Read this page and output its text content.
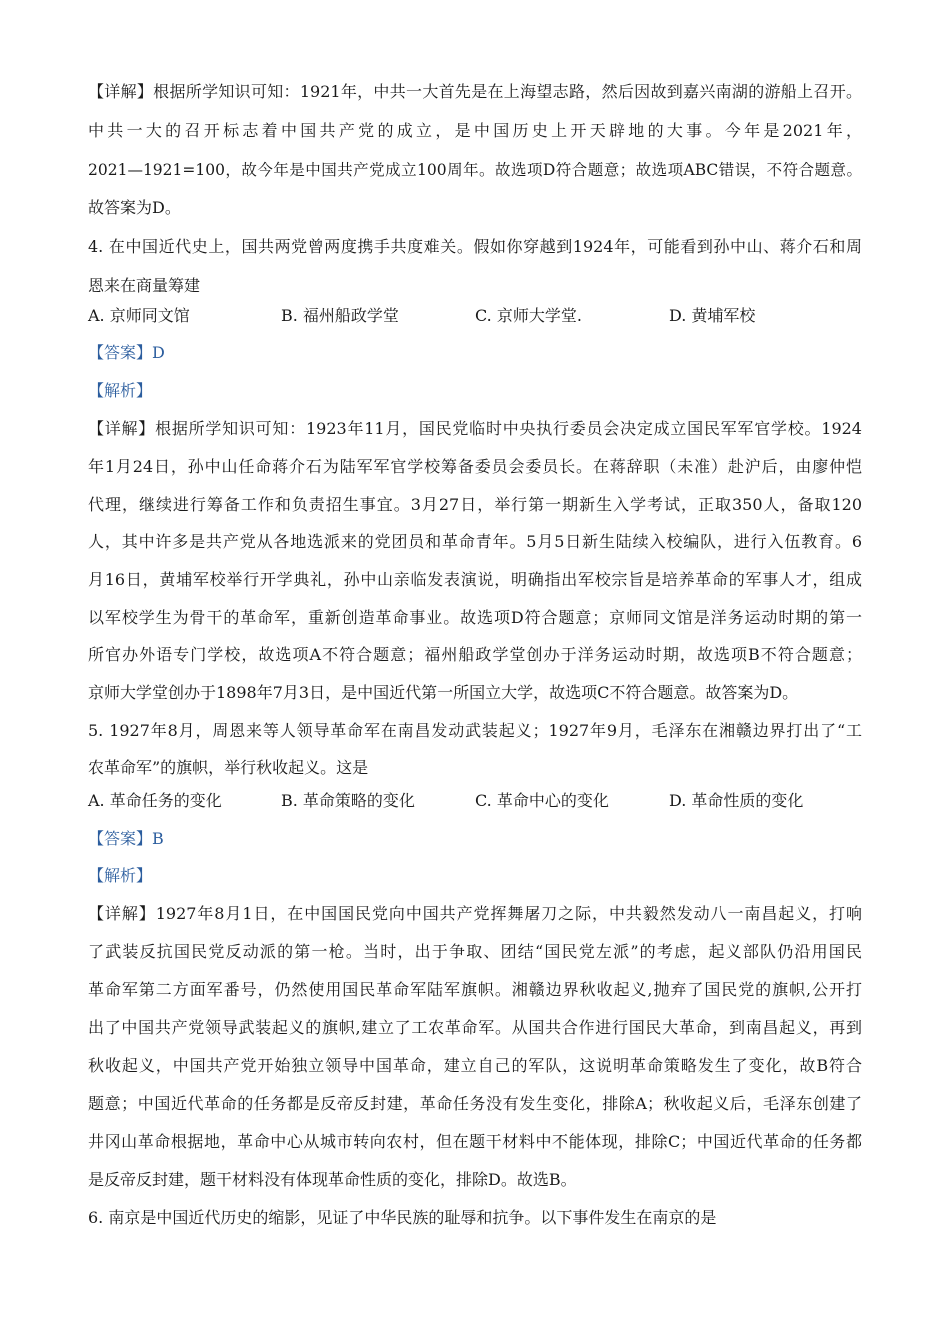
【详解】根据所学知识可知：1921年，中共一大首先是在上海望志路，然后因故到嘉兴南湖的游船上召开。

中共一大的召开标志着中国共产党的成立，是中国历史上开天辟地的大事。今年是2021年，

2021—1921=100，故今年是中国共产党成立100周年。故选项D符合题意；故选项ABC错误，不符合题意。

故答案为D。

4. 在中国近代史上，国共两党曾两度携手共度难关。假如你穿越到1924年，可能看到孙中山、蒋介石和周

恩来在商量筹建

A. 京师同文馆	B. 福州船政学堂	C. 京师大学堂.	D. 黄埔军校

【答案】D

【解析】

【详解】根据所学知识可知：1923年11月，国民党临时中央执行委员会决定成立国民军军官学校。1924

年1月24日，孙中山任命蒋介石为陆军军官学校筹备委员会委员长。在蒋辞职（未准）赴沪后，由廖仲恺

代理，继续进行筹备工作和负责招生事宜。3月27日，举行第一期新生入学考试，正取350人，备取120

人，其中许多是共产党从各地选派来的党团员和革命青年。5月5日新生陆续入校编队，进行入伍教育。6

月16日，黄埔军校举行开学典礼，孙中山亲临发表演说，明确指出军校宗旨是培养革命的军事人才，组成

以军校学生为骨干的革命军，重新创造革命事业。故选项D符合题意；京师同文馆是洋务运动时期的第一

所官办外语专门学校，故选项A不符合题意；福州船政学堂创办于洋务运动时期，故选项B不符合题意；

京师大学堂创办于1898年7月3日，是中国近代第一所国立大学，故选项C不符合题意。故答案为D。

5. 1927年8月，周恩来等人领导革命军在南昌发动武装起义；1927年9月，毛泽东在湘赣边界打出了“工

农革命军”的旗帜，举行秋收起义。这是

A. 革命任务的变化	B. 革命策略的变化	C. 革命中心的变化	D. 革命性质的变化

【答案】B

【解析】

【详解】1927年8月1日，在中国国民党向中国共产党挥舞屠刀之际，中共毅然发动八一南昌起义，打响

了武装反抗国民党反动派的第一枪。当时，出于争取、团结“国民党左派”的考虑，起义部队仍沿用国民

革命军第二方面军番号，仍然使用国民革命军陆军旗帜。湘赣边界秋收起义,抛弃了国民党的旗帜,公开打

出了中国共产党领导武装起义的旗帜,建立了工农革命军。从国共合作进行国民大革命，到南昌起义，再到

秋收起义，中国共产党开始独立领导中国革命，建立自己的军队，这说明革命策略发生了变化，故B符合

题意；中国近代革命的任务都是反帝反封建，革命任务没有发生变化，排除A；秋收起义后，毛泽东创建了

井冈山革命根据地，革命中心从城市转向农村，但在题干材料中不能体现，排除C；中国近代革命的任务都

是反帝反封建，题干材料没有体现革命性质的变化，排除D。故选B。

6. 南京是中国近代历史的缩影，见证了中华民族的耻辱和抗争。以下事件发生在南京的是
